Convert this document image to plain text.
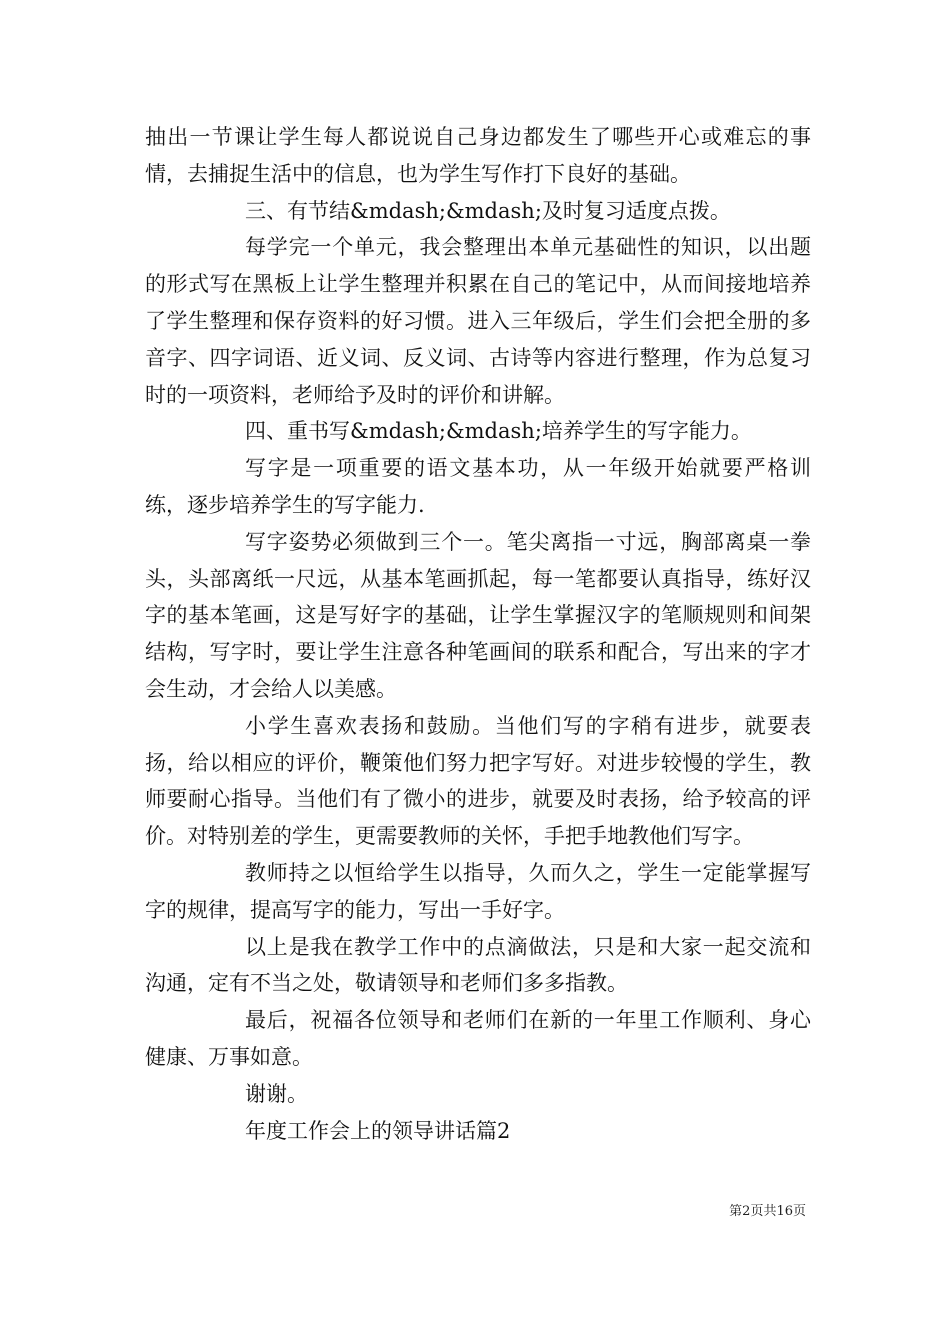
抽出一节课让学生每人都说说自己身边都发生了哪些开心或难忘的事情，去捕捉生活中的信息，也为学生写作打下良好的基础。

三、有节结&mdash;&mdash;及时复习适度点拨。

每学完一个单元，我会整理出本单元基础性的知识，以出题的形式写在黑板上让学生整理并积累在自己的笔记中，从而间接地培养了学生整理和保存资料的好习惯。进入三年级后，学生们会把全册的多音字、四字词语、近义词、反义词、古诗等内容进行整理，作为总复习时的一项资料，老师给予及时的评价和讲解。

四、重书写&mdash;&mdash;培养学生的写字能力。

写字是一项重要的语文基本功，从一年级开始就要严格训练，逐步培养学生的写字能力.

写字姿势必须做到三个一。笔尖离指一寸远，胸部离桌一拳头，头部离纸一尺远，从基本笔画抓起，每一笔都要认真指导，练好汉字的基本笔画，这是写好字的基础，让学生掌握汉字的笔顺规则和间架结构，写字时，要让学生注意各种笔画间的联系和配合，写出来的字才会生动，才会给人以美感。

小学生喜欢表扬和鼓励。当他们写的字稍有进步，就要表扬，给以相应的评价，鞭策他们努力把字写好。对进步较慢的学生，教师要耐心指导。当他们有了微小的进步，就要及时表扬，给予较高的评价。对特别差的学生，更需要教师的关怀，手把手地教他们写字。

教师持之以恒给学生以指导，久而久之，学生一定能掌握写字的规律，提高写字的能力，写出一手好字。

以上是我在教学工作中的点滴做法，只是和大家一起交流和沟通，定有不当之处，敬请领导和老师们多多指教。

最后，祝福各位领导和老师们在新的一年里工作顺利、身心健康、万事如意。

谢谢。

年度工作会上的领导讲话篇2

第2页共16页
